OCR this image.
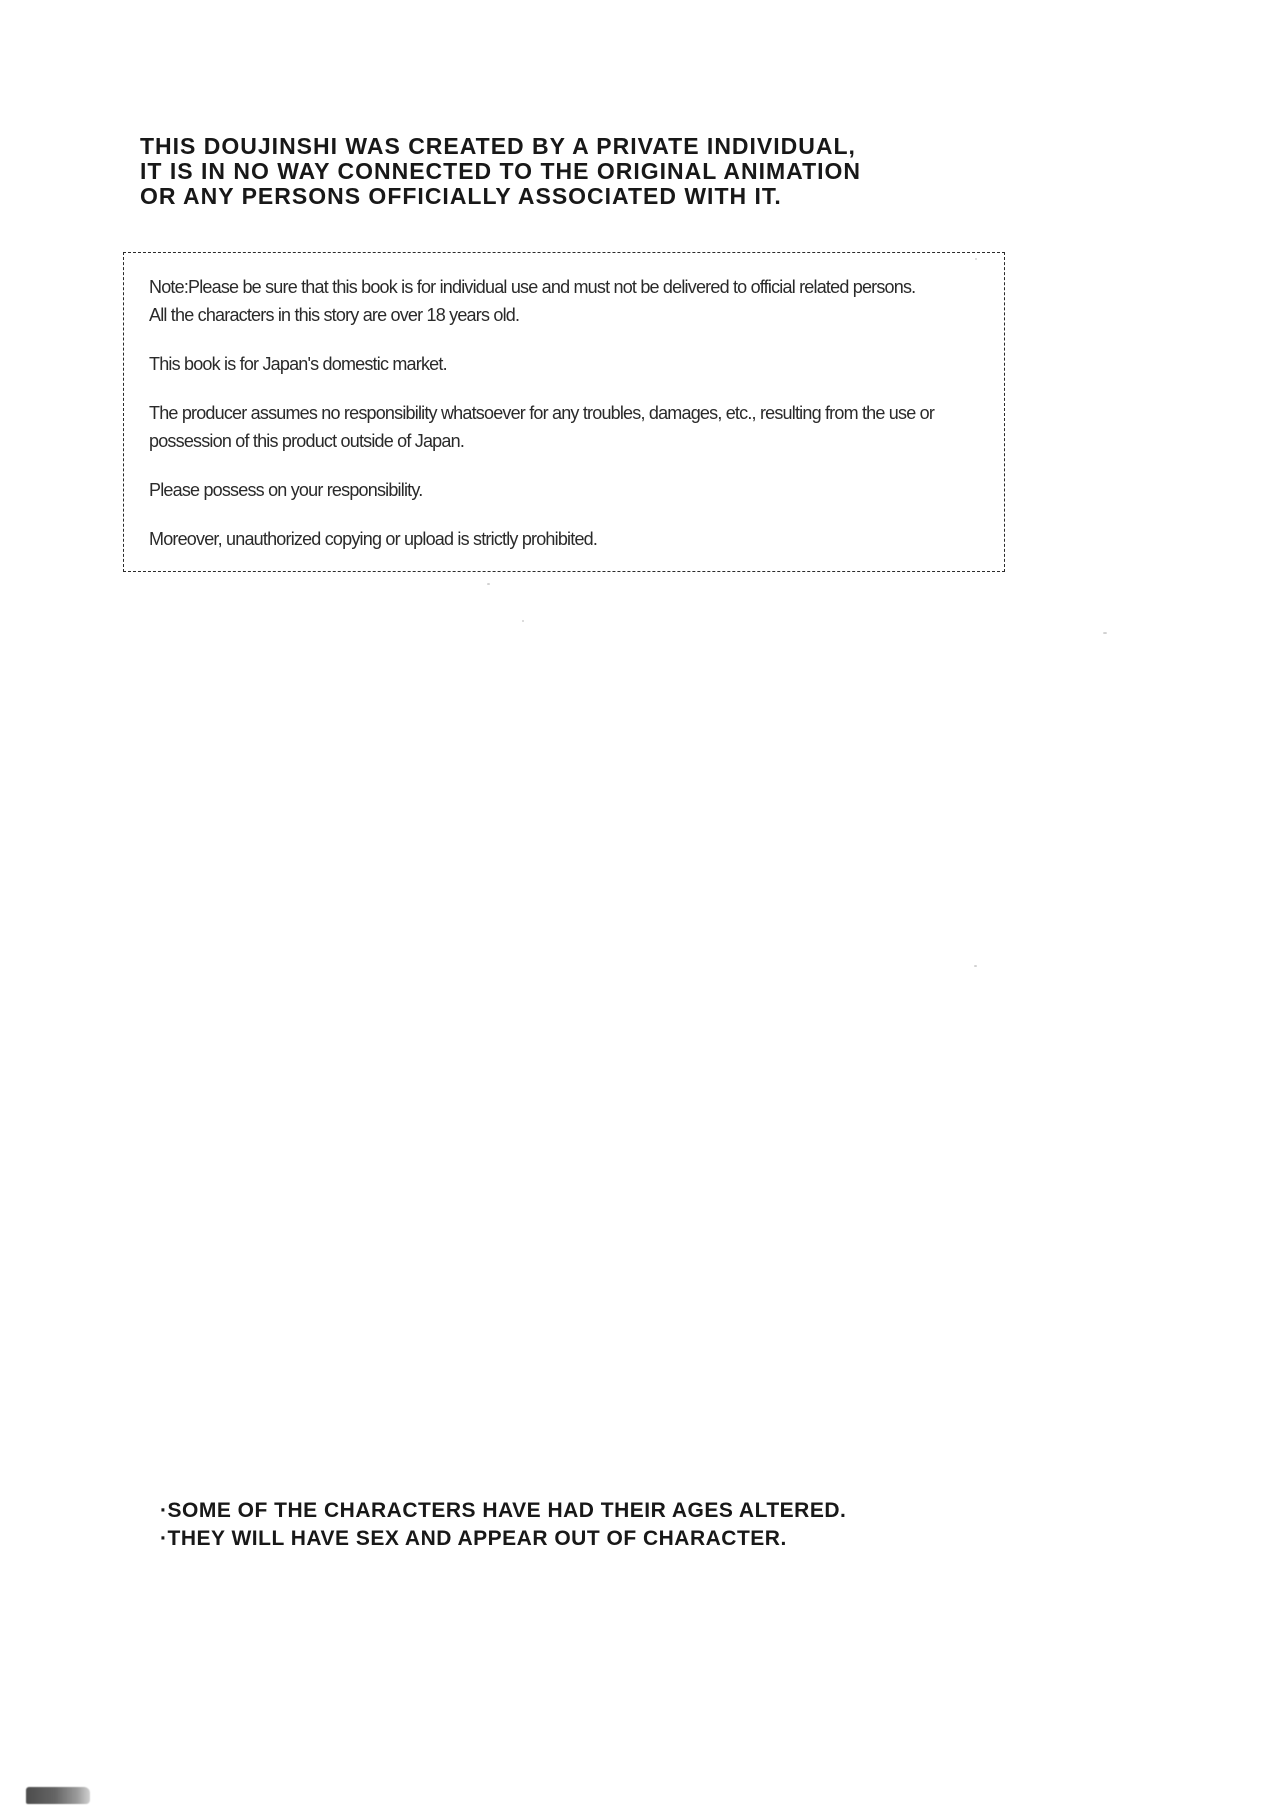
THIS DOUJINSHI WAS CREATED BY A PRIVATE INDIVIDUAL,
IT IS IN NO WAY CONNECTED TO THE ORIGINAL ANIMATION
OR ANY PERSONS OFFICIALLY ASSOCIATED WITH IT.

Note:Please be sure that this book is for individual use and must not be delivered to official related persons.
All the characters in this story are over 18 years old.

This book is for Japan's domestic market.

The producer assumes no responsibility whatsoever for any troubles, damages, etc., resulting from the use or
possession of this product outside of Japan.

Please possess on your responsibility.

Moreover, unauthorized copying or upload is strictly prohibited.

·SOME OF THE CHARACTERS HAVE HAD THEIR AGES ALTERED.
·THEY WILL HAVE SEX AND APPEAR OUT OF CHARACTER.
